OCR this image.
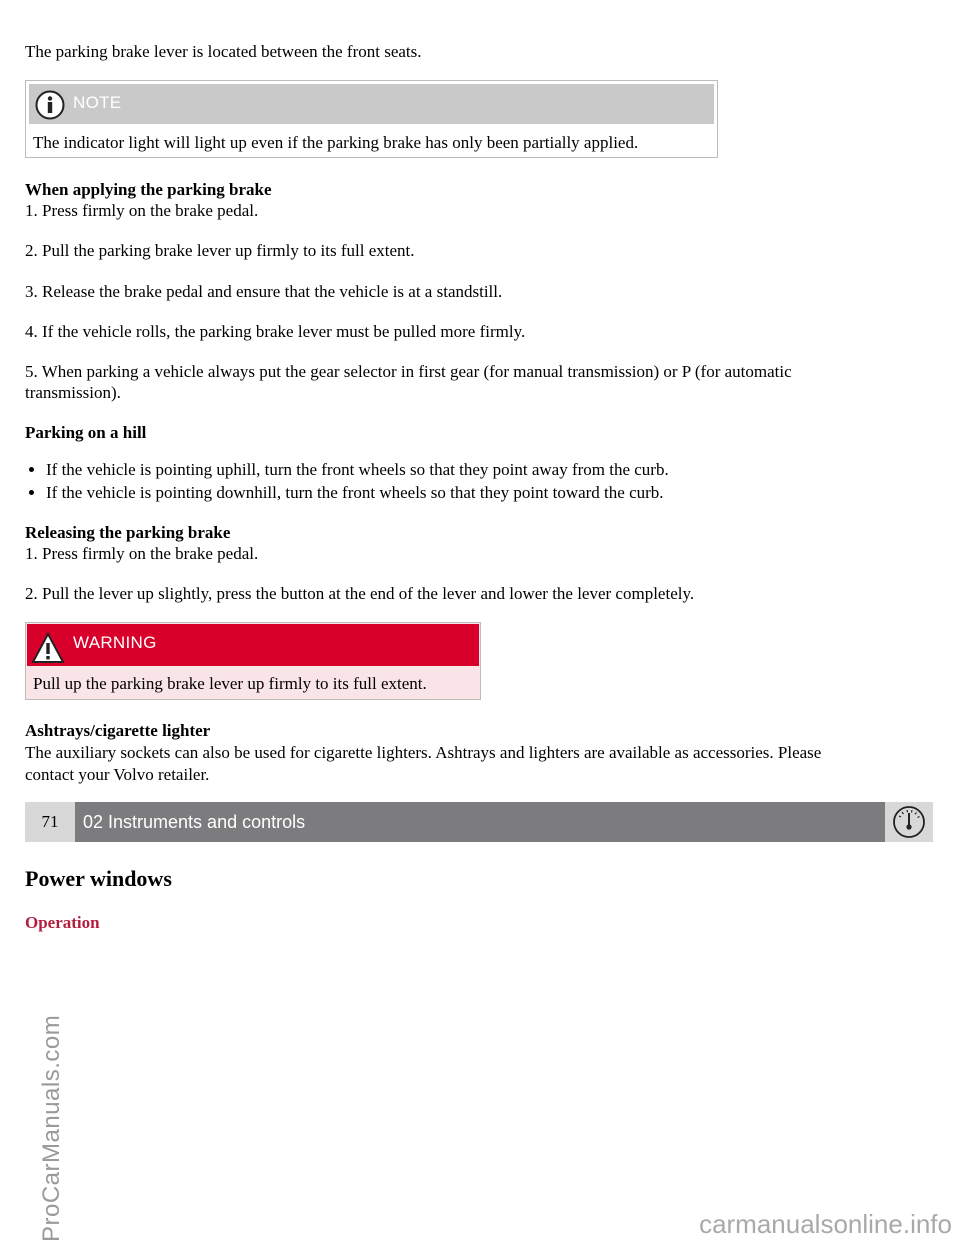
The parking brake lever is located between the front seats.
NOTE
The indicator light will light up even if the parking brake has only been partially applied.
When applying the parking brake
1. Press firmly on the brake pedal.
2. Pull the parking brake lever up firmly to its full extent.
3. Release the brake pedal and ensure that the vehicle is at a standstill.
4. If the vehicle rolls, the parking brake lever must be pulled more firmly.
5. When parking a vehicle always put the gear selector in first gear (for manual transmission) or P (for automatic
transmission).
Parking on a hill
If the vehicle is pointing uphill, turn the front wheels so that they point away from the curb.
If the vehicle is pointing downhill, turn the front wheels so that they point toward the curb.
Releasing the parking brake
1. Press firmly on the brake pedal.
2. Pull the lever up slightly, press the button at the end of the lever and lower the lever completely.
WARNING
Pull up the parking brake lever up firmly to its full extent.
Ashtrays/cigarette lighter
The auxiliary sockets can also be used for cigarette lighters. Ashtrays and lighters are available as accessories. Please
contact your Volvo retailer.
71	02 Instruments and controls
Power windows
Operation
ProCarManuals.com	carmanualsonline.info
